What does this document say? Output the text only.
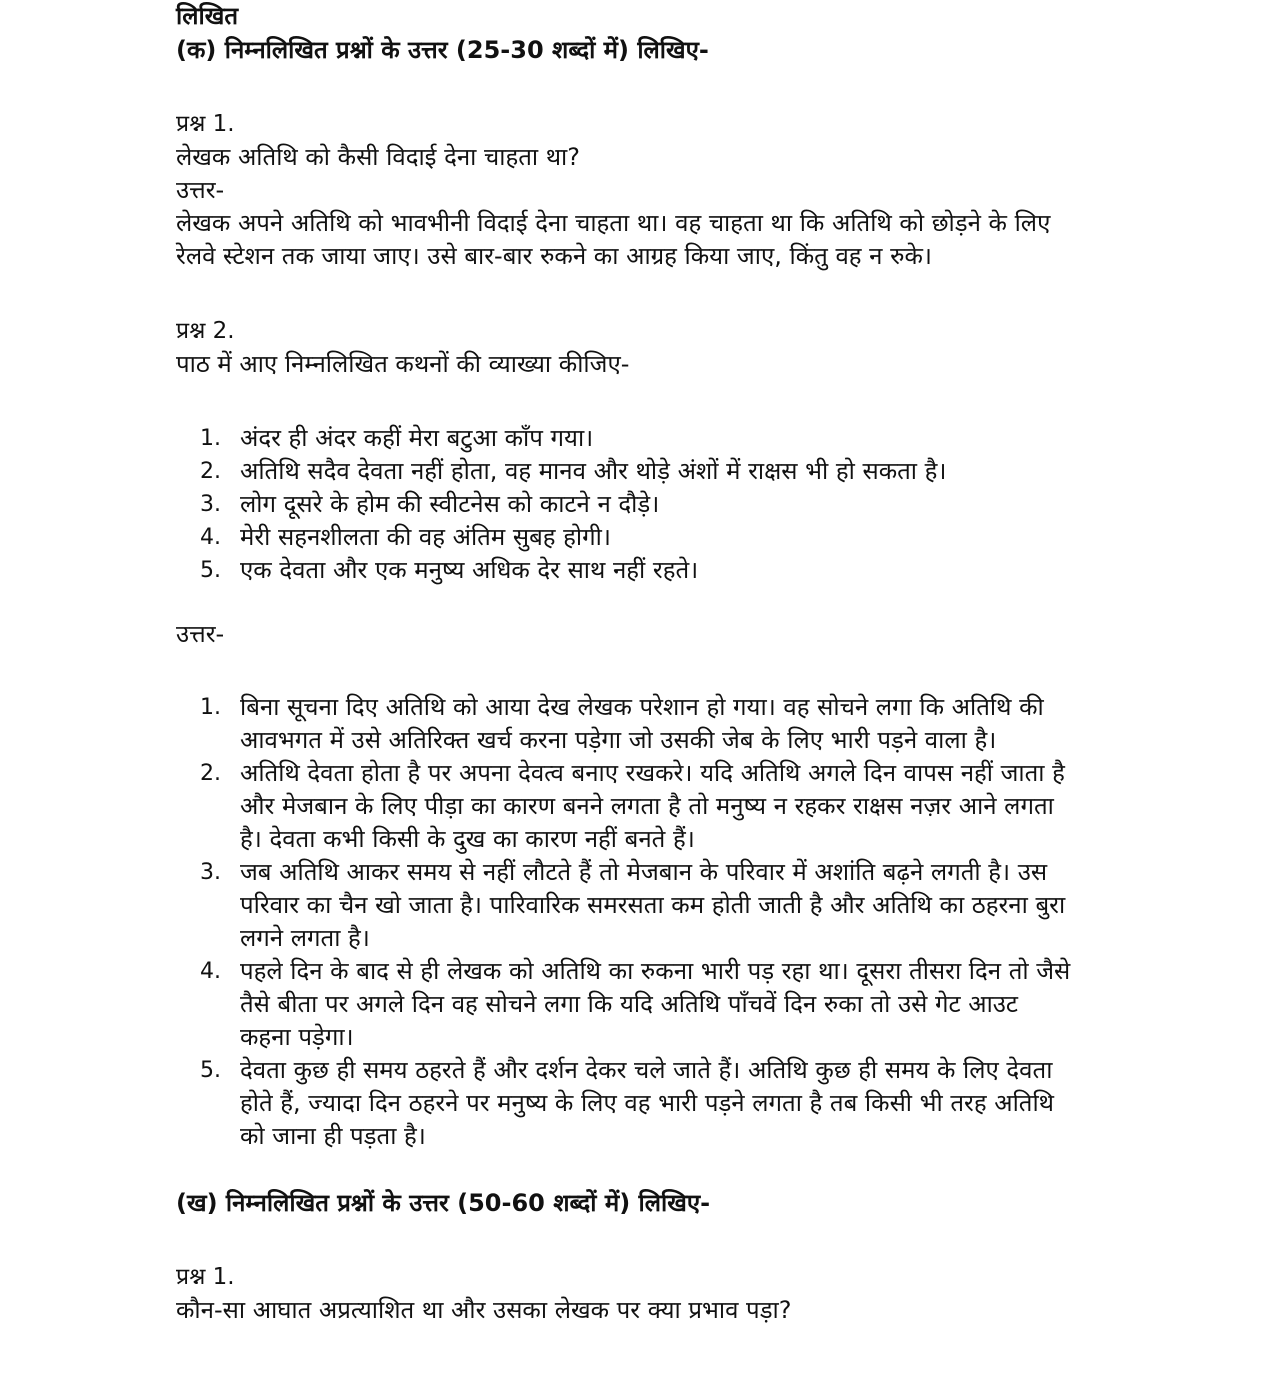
लिखित

(क) निम्नलिखित प्रश्नों के उत्तर (25-30 शब्दों में) लिखिए-

प्रश्न 1.

लेखक अतिथि को कैसी विदाई देना चाहता था?

उत्तर-

लेखक अपने अतिथि को भावभीनी विदाई देना चाहता था। वह चाहता था कि अतिथि को छोड़ने के लिए

रेलवे स्टेशन तक जाया जाए। उसे बार-बार रुकने का आग्रह किया जाए, किंतु वह न रुके।

प्रश्न 2.

पाठ में आए निम्नलिखित कथनों की व्याख्या कीजिए-

1. अंदर ही अंदर कहीं मेरा बटुआ काँप गया।
2. अतिथि सदैव देवता नहीं होता, वह मानव और थोड़े अंशों में राक्षस भी हो सकता है।
3. लोग दूसरे के होम की स्वीटनेस को काटने न दौड़े।
4. मेरी सहनशीलता की वह अंतिम सुबह होगी।
5. एक देवता और एक मनुष्य अधिक देर साथ नहीं रहते।

उत्तर-

1. बिना सूचना दिए अतिथि को आया देख लेखक परेशान हो गया। वह सोचने लगा कि अतिथि की
आवभगत में उसे अतिरिक्त खर्च करना पड़ेगा जो उसकी जेब के लिए भारी पड़ने वाला है।
2. अतिथि देवता होता है पर अपना देवत्व बनाए रखकरे। यदि अतिथि अगले दिन वापस नहीं जाता है
और मेजबान के लिए पीड़ा का कारण बनने लगता है तो मनुष्य न रहकर राक्षस नज़र आने लगता
है। देवता कभी किसी के दुख का कारण नहीं बनते हैं।
3. जब अतिथि आकर समय से नहीं लौटते हैं तो मेजबान के परिवार में अशांति बढ़ने लगती है। उस
परिवार का चैन खो जाता है। पारिवारिक समरसता कम होती जाती है और अतिथि का ठहरना बुरा
लगने लगता है।
4. पहले दिन के बाद से ही लेखक को अतिथि का रुकना भारी पड़ रहा था। दूसरा तीसरा दिन तो जैसे
तैसे बीता पर अगले दिन वह सोचने लगा कि यदि अतिथि पाँचवें दिन रुका तो उसे गेट आउट
कहना पड़ेगा।
5. देवता कुछ ही समय ठहरते हैं और दर्शन देकर चले जाते हैं। अतिथि कुछ ही समय के लिए देवता
होते हैं, ज्यादा दिन ठहरने पर मनुष्य के लिए वह भारी पड़ने लगता है तब किसी भी तरह अतिथि
को जाना ही पड़ता है।

(ख) निम्नलिखित प्रश्नों के उत्तर (50-60 शब्दों में) लिखिए-

प्रश्न 1.

कौन-सा आघात अप्रत्याशित था और उसका लेखक पर क्या प्रभाव पड़ा?
